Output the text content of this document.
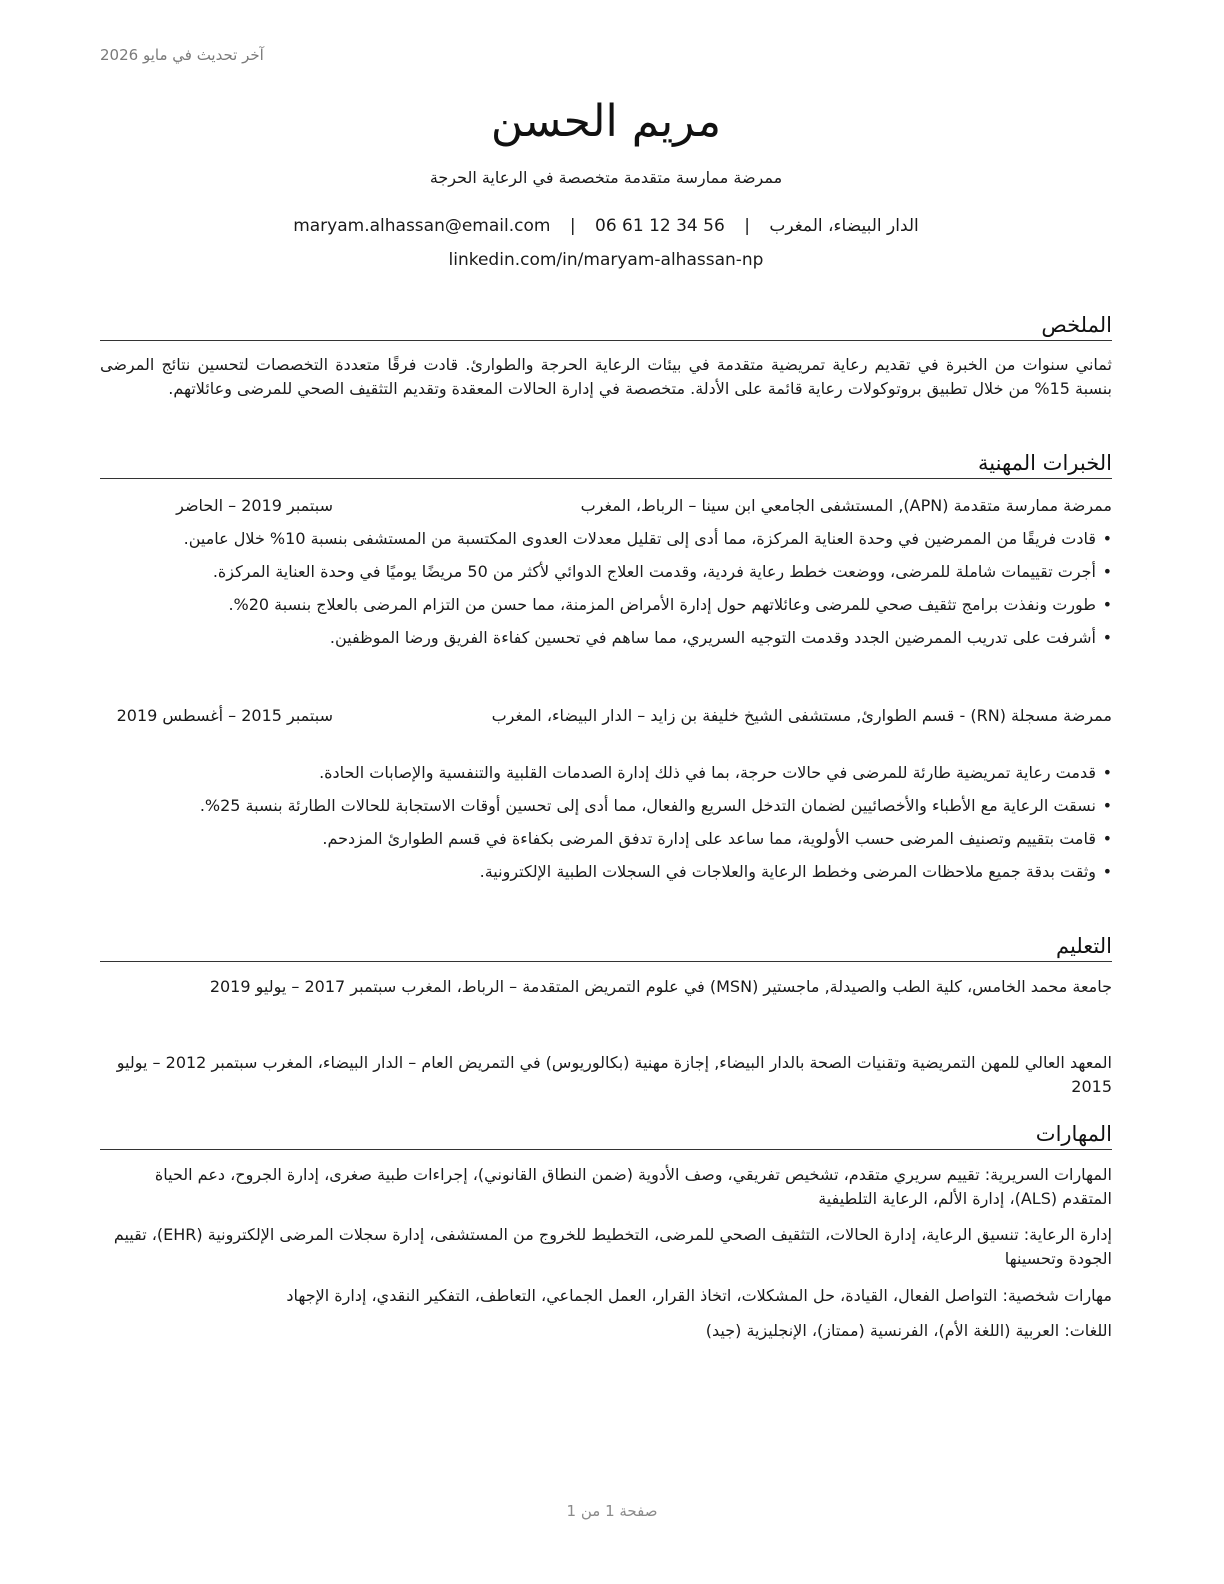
آخر تحديث في مايو 2026
مريم الحسن
ممرضة ممارسة متقدمة متخصصة في الرعاية الحرجة
الدار البيضاء، المغرب | maryam.alhassan@email.com | 06 61 12 34 56
linkedin.com/in/maryam-alhassan-np
الملخص
ثماني سنوات من الخبرة في تقديم رعاية تمريضية متقدمة في بيئات الرعاية الحرجة والطوارئ. قادت فرقًا متعددة التخصصات لتحسين نتائج المرضى بنسبة 15% من خلال تطبيق بروتوكولات رعاية قائمة على الأدلة. متخصصة في إدارة الحالات المعقدة وتقديم التثقيف الصحي للمرضى وعائلاتهم.
الخبرات المهنية
ممرضة ممارسة متقدمة (APN), المستشفى الجامعي ابن سينا – الرباط، المغرب
سبتمبر 2019 – الحاضر
• قادت فريقًا من الممرضين في وحدة العناية المركزة، مما أدى إلى تقليل معدلات العدوى المكتسبة من المستشفى بنسبة 10% خلال عامين.
• أجرت تقييمات شاملة للمرضى، ووضعت خطط رعاية فردية، وقدمت العلاج الدوائي لأكثر من 50 مريضًا يوميًا في وحدة العناية المركزة.
• طورت ونفذت برامج تثقيف صحي للمرضى وعائلاتهم حول إدارة الأمراض المزمنة، مما حسن من التزام المرضى بالعلاج بنسبة 20%.
• أشرفت على تدريب الممرضين الجدد وقدمت التوجيه السريري، مما ساهم في تحسين كفاءة الفريق ورضا الموظفين.
ممرضة مسجلة (RN) - قسم الطوارئ, مستشفى الشيخ خليفة بن زايد – الدار البيضاء، المغرب
سبتمبر 2015 – أغسطس 2019
• قدمت رعاية تمريضية طارئة للمرضى في حالات حرجة، بما في ذلك إدارة الصدمات القلبية والتنفسية والإصابات الحادة.
• نسقت الرعاية مع الأطباء والأخصائيين لضمان التدخل السريع والفعال، مما أدى إلى تحسين أوقات الاستجابة للحالات الطارئة بنسبة 25%.
• قامت بتقييم وتصنيف المرضى حسب الأولوية، مما ساعد على إدارة تدفق المرضى بكفاءة في قسم الطوارئ المزدحم.
• وثقت بدقة جميع ملاحظات المرضى وخطط الرعاية والعلاجات في السجلات الطبية الإلكترونية.
التعليم
جامعة محمد الخامس، كلية الطب والصيدلة, ماجستير (MSN) في علوم التمريض المتقدمة – الرباط، المغرب سبتمبر 2017 – يوليو 2019
المعهد العالي للمهن التمريضية وتقنيات الصحة بالدار البيضاء, إجازة مهنية (بكالوريوس) في التمريض العام – الدار البيضاء، المغرب سبتمبر 2012 – يوليو 2015
المهارات
المهارات السريرية: تقييم سريري متقدم، تشخيص تفريقي، وصف الأدوية (ضمن النطاق القانوني)، إجراءات طبية صغرى، إدارة الجروح، دعم الحياة المتقدم (ALS)، إدارة الألم، الرعاية التلطيفية
إدارة الرعاية: تنسيق الرعاية، إدارة الحالات، التثقيف الصحي للمرضى، التخطيط للخروج من المستشفى، إدارة سجلات المرضى الإلكترونية (EHR)، تقييم الجودة وتحسينها
مهارات شخصية: التواصل الفعال، القيادة، حل المشكلات، اتخاذ القرار، العمل الجماعي، التعاطف، التفكير النقدي، إدارة الإجهاد
اللغات: العربية (اللغة الأم)، الفرنسية (ممتاز)، الإنجليزية (جيد)
صفحة 1 من 1
